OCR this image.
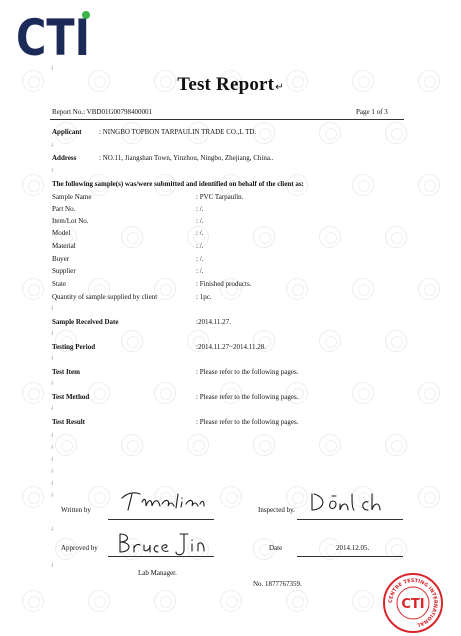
CTI
Test Report↵
Report No.: VBD01G00798400001	Page 1 of 3
Applicant : NINGBO TOPBON TARPAULIN TRADE CO.,L TD.
Address	: NO.11, Jiangshan Town, Yinzhou, Ningbo, Zhejiang, China..
The following sample(s) was/were submitted and identified on behalf of the client as:
Sample Name	: PVC Tarpaulin.
Part No.	: /.
Item/Lot No.	: /.
Model	: /.
Material	: /.
Buyer	: /.
Supplier	: /.
State	: Finished products.
Quantity of sample supplied by client	: 1pc.
Sample Received Date	:2014.11.27.
Testing Period	:2014.11.27~2014.11.28.
Test Item	: Please refer to the following pages.
Test Method	: Please refer to the following pages.
Test Result	: Please refer to the following pages.
.|
.|
.|
.|
.|
.|
.|
.|
.|
.|
.|
.|
.|
.|
.|
.|
Written by	Inspected by.
Approved by	Date	2014.12.05.
Lab Manager.
No. 1877767359.
CENTRE TESTING INTERNATIONAL
CTI
